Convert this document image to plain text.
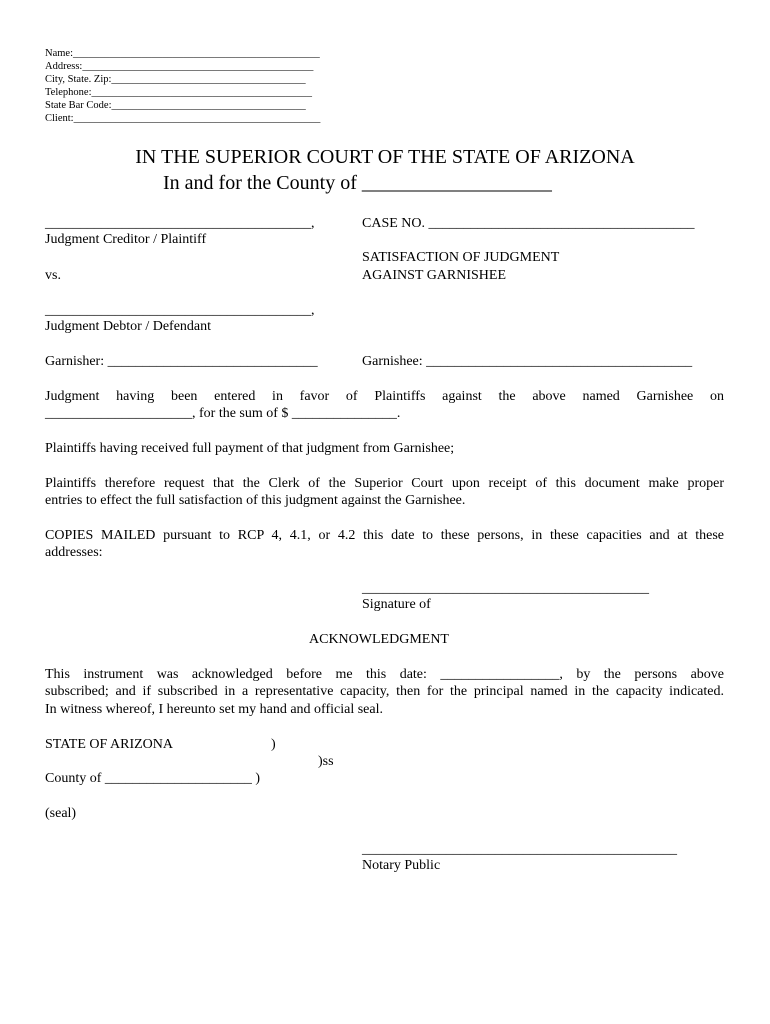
Name:_______________________________________________
Address:____________________________________________
City, State. Zip:_____________________________________
Telephone:__________________________________________
State Bar Code:_____________________________________
Client:_______________________________________________
IN THE SUPERIOR COURT OF THE STATE OF ARIZONA
In and for the County of ___________________
______________________________________,
Judgment Creditor / Plaintiff
vs.
______________________________________,
Judgment Debtor / Defendant
Garnisher: ______________________________
CASE NO. ______________________________________
SATISFACTION OF JUDGMENT
AGAINST GARNISHEE
Garnishee: ______________________________________
Judgment having been entered in favor of Plaintiffs against the above named Garnishee on
_____________________, for the sum of $ _______________.
Plaintiffs having received full payment of that judgment from Garnishee;
Plaintiffs therefore request that the Clerk of the Superior Court upon receipt of this document make proper
entries to effect the full satisfaction of this judgment against the Garnishee.
COPIES MAILED pursuant to RCP 4, 4.1, or 4.2 this date to these persons, in these capacities and at these
addresses:
_________________________________________
Signature of
ACKNOWLEDGMENT
This instrument was acknowledged before me this date: _________________, by the persons above
subscribed; and if subscribed in a representative capacity, then for the principal named in the capacity indicated.
In witness whereof, I hereunto set my hand and official seal.
STATE OF ARIZONA	)
)ss
County of _____________________ )
(seal)
_____________________________________________
Notary Public
